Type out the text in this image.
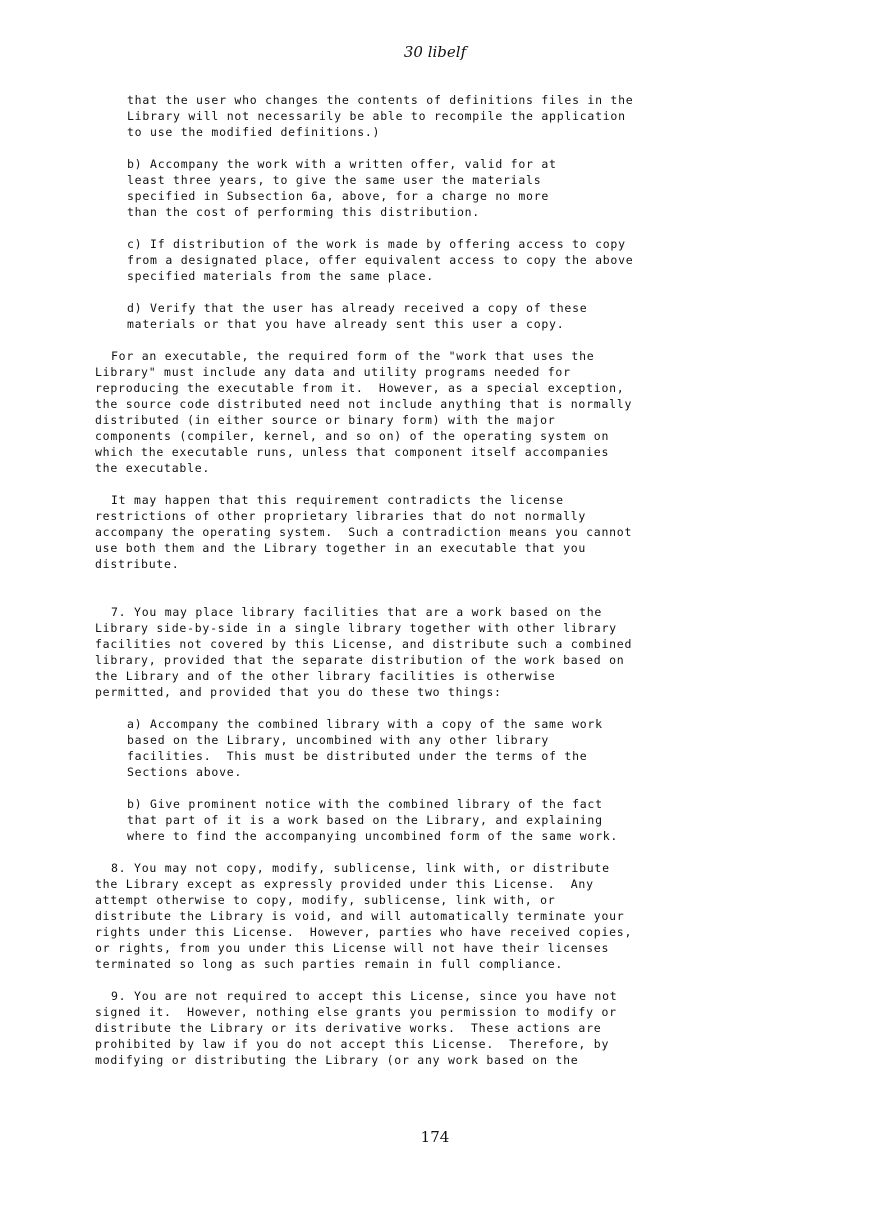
30 libelf
that the user who changes the contents of definitions files in the
Library will not necessarily be able to recompile the application
to use the modified definitions.)
b) Accompany the work with a written offer, valid for at
least three years, to give the same user the materials
specified in Subsection 6a, above, for a charge no more
than the cost of performing this distribution.
c) If distribution of the work is made by offering access to copy
from a designated place, offer equivalent access to copy the above
specified materials from the same place.
d) Verify that the user has already received a copy of these
materials or that you have already sent this user a copy.
For an executable, the required form of the "work that uses the
Library" must include any data and utility programs needed for
reproducing the executable from it.  However, as a special exception,
the source code distributed need not include anything that is normally
distributed (in either source or binary form) with the major
components (compiler, kernel, and so on) of the operating system on
which the executable runs, unless that component itself accompanies
the executable.
It may happen that this requirement contradicts the license
restrictions of other proprietary libraries that do not normally
accompany the operating system.  Such a contradiction means you cannot
use both them and the Library together in an executable that you
distribute.
7. You may place library facilities that are a work based on the
Library side-by-side in a single library together with other library
facilities not covered by this License, and distribute such a combined
library, provided that the separate distribution of the work based on
the Library and of the other library facilities is otherwise
permitted, and provided that you do these two things:
a) Accompany the combined library with a copy of the same work
based on the Library, uncombined with any other library
facilities.  This must be distributed under the terms of the
Sections above.
b) Give prominent notice with the combined library of the fact
that part of it is a work based on the Library, and explaining
where to find the accompanying uncombined form of the same work.
8. You may not copy, modify, sublicense, link with, or distribute
the Library except as expressly provided under this License.  Any
attempt otherwise to copy, modify, sublicense, link with, or
distribute the Library is void, and will automatically terminate your
rights under this License.  However, parties who have received copies,
or rights, from you under this License will not have their licenses
terminated so long as such parties remain in full compliance.
9. You are not required to accept this License, since you have not
signed it.  However, nothing else grants you permission to modify or
distribute the Library or its derivative works.  These actions are
prohibited by law if you do not accept this License.  Therefore, by
modifying or distributing the Library (or any work based on the
174
